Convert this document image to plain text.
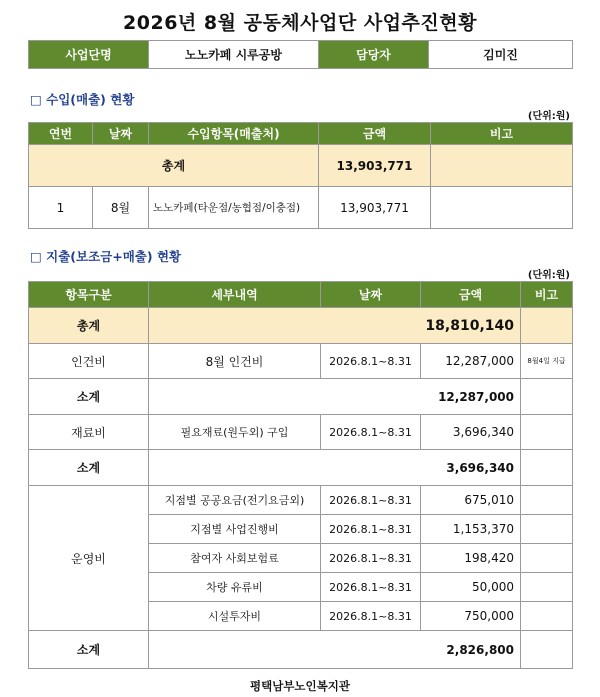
2026년 8월 공동체사업단 사업추진현황
사업단명	노노카페 시루공방	담당자	김미진
□ 수입(매출) 현황
(단위:원)
연번	날짜	수입항목(매출처)	금액	비고
총계			13,903,771	
1	8월	노노카페(타운점/농협점/이충점)	13,903,771	
□ 지출(보조금+매출) 현황
(단위:원)
항목구분	세부내역	날짜	금액	비고
총계	18,810,140			
인건비	8월 인건비	2026.8.1~8.31	12,287,000	8월4일 지급
소계	12,287,000			
재료비	필요재료(원두외) 구입	2026.8.1~8.31	3,696,340	
소계	3,696,340			
운영비	지점별 공공요금(전기요금외)	2026.8.1~8.31	675,010	
	지점별 사업진행비	2026.8.1~8.31	1,153,370	
	참여자 사회보험료	2026.8.1~8.31	198,420	
	차량 유류비	2026.8.1~8.31	50,000	
	시설투자비	2026.8.1~8.31	750,000	
소계	2,826,800			
평택남부노인복지관
